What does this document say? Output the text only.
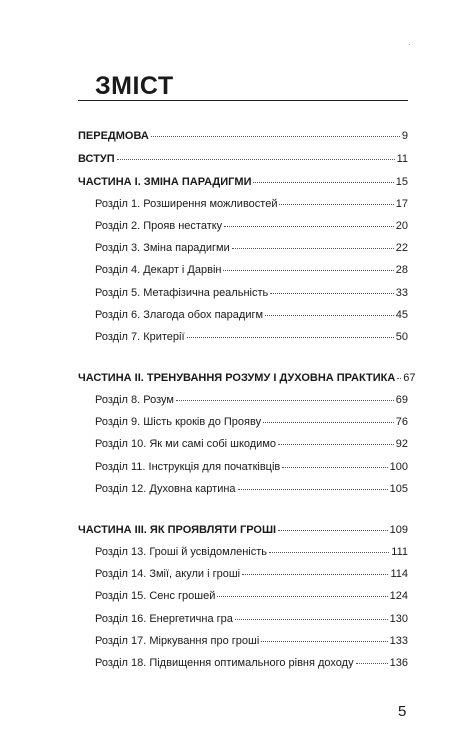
·
ЗМІСТ
ПЕРЕДМОВА	9
ВСТУП	11
ЧАСТИНА І. ЗМІНА ПАРАДИГМИ	15
Розділ 1. Розширення можливостей	17
Розділ 2. Прояв нестатку	20
Розділ 3. Зміна парадигми	22
Розділ 4. Декарт і Дарвін	28
Розділ 5. Метафізична реальність	33
Розділ 6. Злагода обох парадигм	45
Розділ 7. Критерії	50
ЧАСТИНА ІІ. ТРЕНУВАННЯ РОЗУМУ І ДУХОВНА ПРАКТИКА 67
Розділ 8. Розум	69
Розділ 9. Шість кроків до Прояву	76
Розділ 10. Як ми самі собі шкодимо	92
Розділ 11. Інструкція для початківців	100
Розділ 12. Духовна картина	105
ЧАСТИНА ІІІ. ЯК ПРОЯВЛЯТИ ГРОШІ	109
Розділ 13. Гроші й усвідомленість	111
Розділ 14. Змії, акули і гроші	114
Розділ 15. Сенс грошей	124
Розділ 16. Енергетична гра	130
Розділ 17. Міркування про гроші	133
Розділ 18. Підвищення оптимального рівня доходу	136
5
